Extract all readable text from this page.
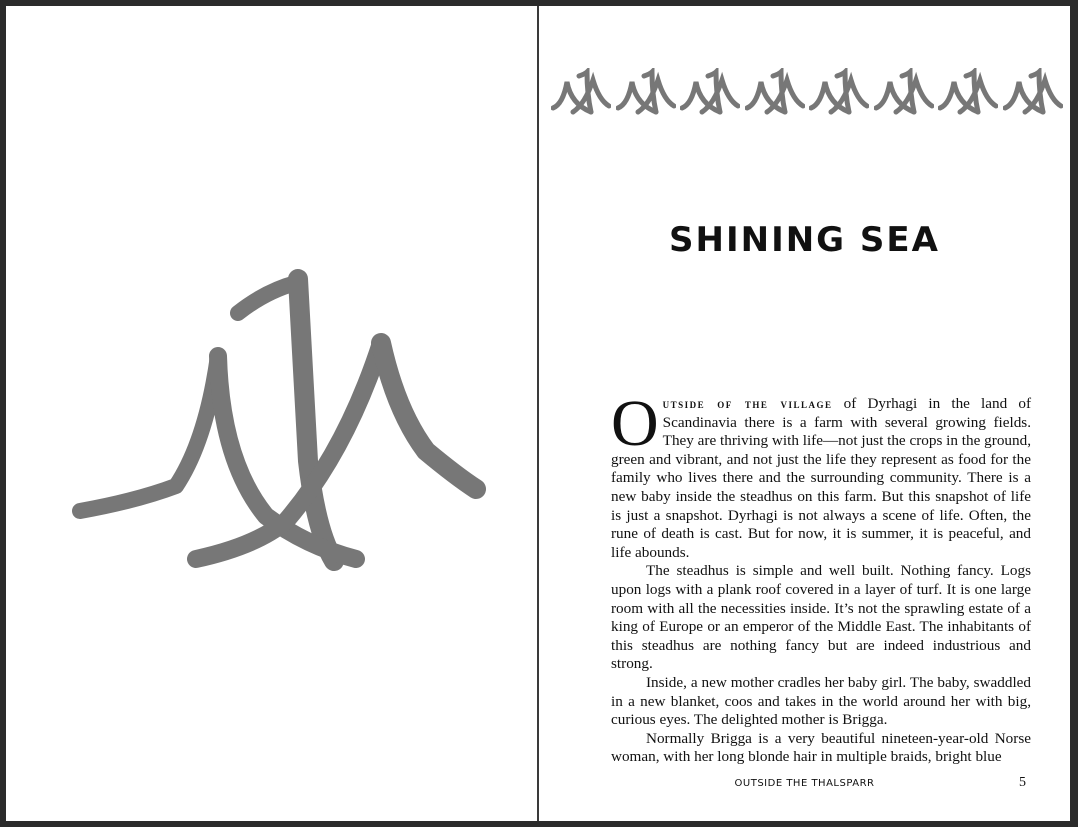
SHINING SEA

Outside of the village of Dyrhagi in the land of Scandinavia there is a farm with several growing fields. They are thriving with life—not just the crops in the ground, green and vibrant, and not just the life they represent as food for the family who lives there and the surrounding community. There is a new baby inside the steadhus on this farm. But this snapshot of life is just a snapshot. Dyrhagi is not always a scene of life. Often, the rune of death is cast. But for now, it is summer, it is peaceful, and life abounds.

The steadhus is simple and well built. Nothing fancy. Logs upon logs with a plank roof covered in a layer of turf. It is one large room with all the necessities inside. It’s not the sprawling estate of a king of Europe or an emperor of the Middle East. The inhabitants of this steadhus are nothing fancy but are indeed industrious and strong.

Inside, a new mother cradles her baby girl. The baby, swaddled in a new blanket, coos and takes in the world around her with big, curious eyes. The delighted mother is Brigga.

Normally Brigga is a very beautiful nineteen-year-old Norse woman, with her long blonde hair in multiple braids, bright blue

OUTSIDE THE THALSPARR	5
